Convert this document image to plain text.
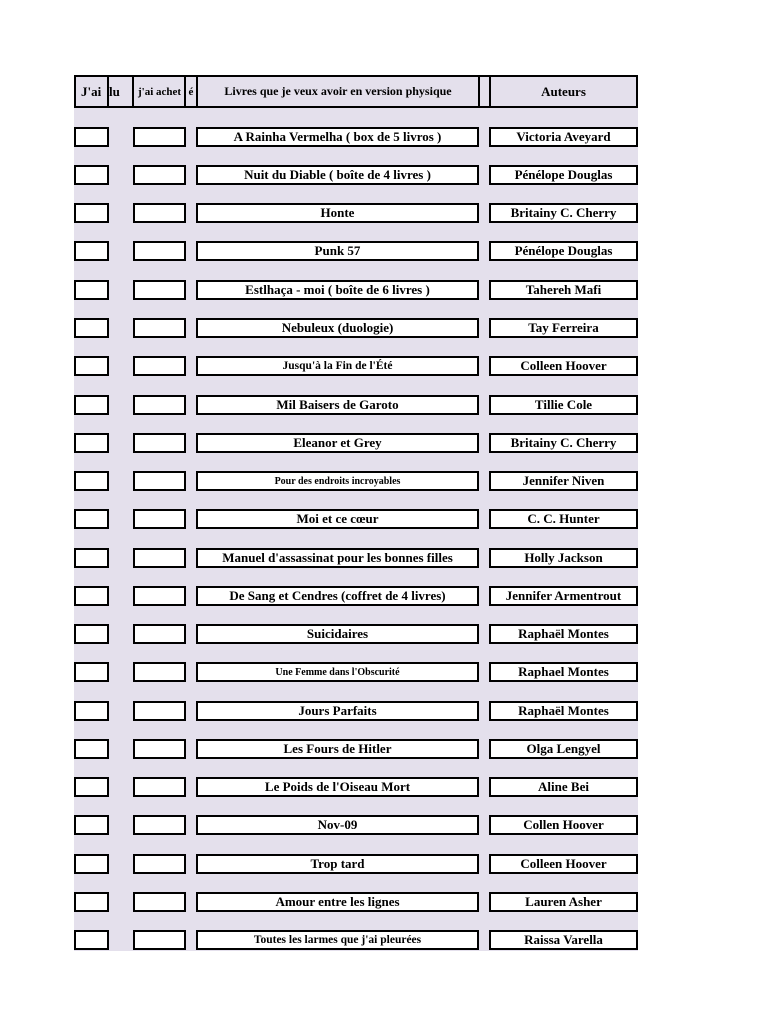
J'ai lu j'ai achet é	Livres que je veux avoir en version physique	Auteurs
A Rainha Vermelha ( box de 5 livros )	Victoria Aveyard
Nuit du Diable ( boîte de 4 livres )	Pénélope Douglas
Honte	Britainy C. Cherry
Punk 57	Pénélope Douglas
Estlhaça - moi ( boîte de 6 livres )	Tahereh Mafi
Nebuleux (duologie)	Tay Ferreira
Jusqu'à la Fin de l'Été	Colleen Hoover
Mil Baisers de Garoto	Tillie Cole
Eleanor et Grey	Britainy C. Cherry
Pour des endroits incroyables	Jennifer Niven
Moi et ce cœur	C. C. Hunter
Manuel d'assassinat pour les bonnes filles	Holly Jackson
De Sang et Cendres (coffret de 4 livres)	Jennifer Armentrout
Suicidaires	Raphaël Montes
Une Femme dans l'Obscurité	Raphael Montes
Jours Parfaits	Raphaël Montes
Les Fours de Hitler	Olga Lengyel
Le Poids de l'Oiseau Mort	Aline Bei
Nov-09	Collen Hoover
Trop tard	Colleen Hoover
Amour entre les lignes	Lauren Asher
Toutes les larmes que j'ai pleurées	Raissa Varella
